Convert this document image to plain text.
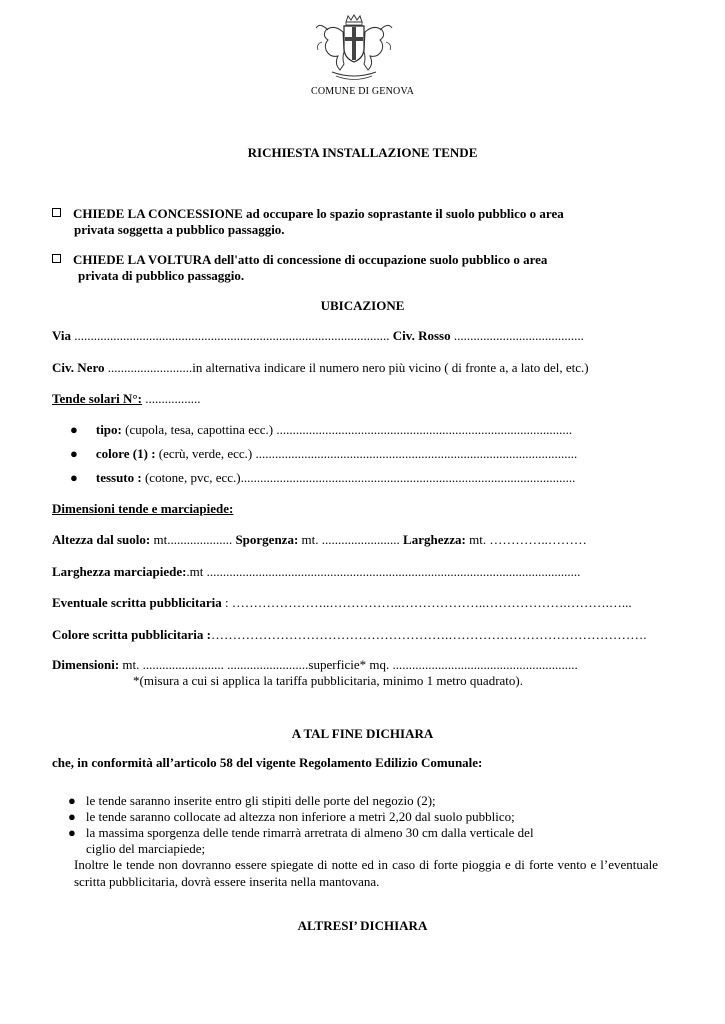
COMUNE DI GENOVA
RICHIESTA INSTALLAZIONE TENDE
CHIEDE LA CONCESSIONE ad occupare lo spazio soprastante il suolo pubblico o area
privata soggetta a pubblico passaggio.
CHIEDE LA VOLTURA dell'atto di concessione di occupazione suolo pubblico o area
privata di pubblico passaggio.
UBICAZIONE
Via ................................................................................................. Civ. Rosso ........................................
Civ. Nero ..........................in alternativa indicare il numero nero più vicino ( di fronte a, a lato del, etc.)
Tende solari N°: .................
● tipo: (cupola, tesa, capottina ecc.) ...........................................................................................
● colore (1) : (ecrù, verde, ecc.) ...................................................................................................
● tessuto : (cotone, pvc, ecc.).......................................................................................................
Dimensioni tende e marciapiede:
Altezza dal suolo: mt.................... Sporgenza: mt. ........................ Larghezza: mt. …………..………
Larghezza marciapiede:.mt ...................................................................................................................
Eventuale scritta pubblicitaria : …………………..……………..………………..……………….……….…...
Colore scritta pubblicitaria :……………………………………………….……………………………………….
Dimensioni: mt. ......................... .........................superficie* mq. .........................................................
*(misura a cui si applica la tariffa pubblicitaria, minimo 1 metro quadrato).
A TAL FINE DICHIARA
che, in conformità all’articolo 58 del vigente Regolamento Edilizio Comunale:
● le tende saranno inserite entro gli stipiti delle porte del negozio (2);
● le tende saranno collocate ad altezza non inferiore a metri 2,20 dal suolo pubblico;
● la massima sporgenza delle tende rimarrà arretrata di almeno 30 cm dalla verticale del
ciglio del marciapiede;
Inoltre le tende non dovranno essere spiegate di notte ed in caso di forte pioggia e di forte vento e l’eventuale scritta pubblicitaria, dovrà essere inserita nella mantovana.
ALTRESI’ DICHIARA
